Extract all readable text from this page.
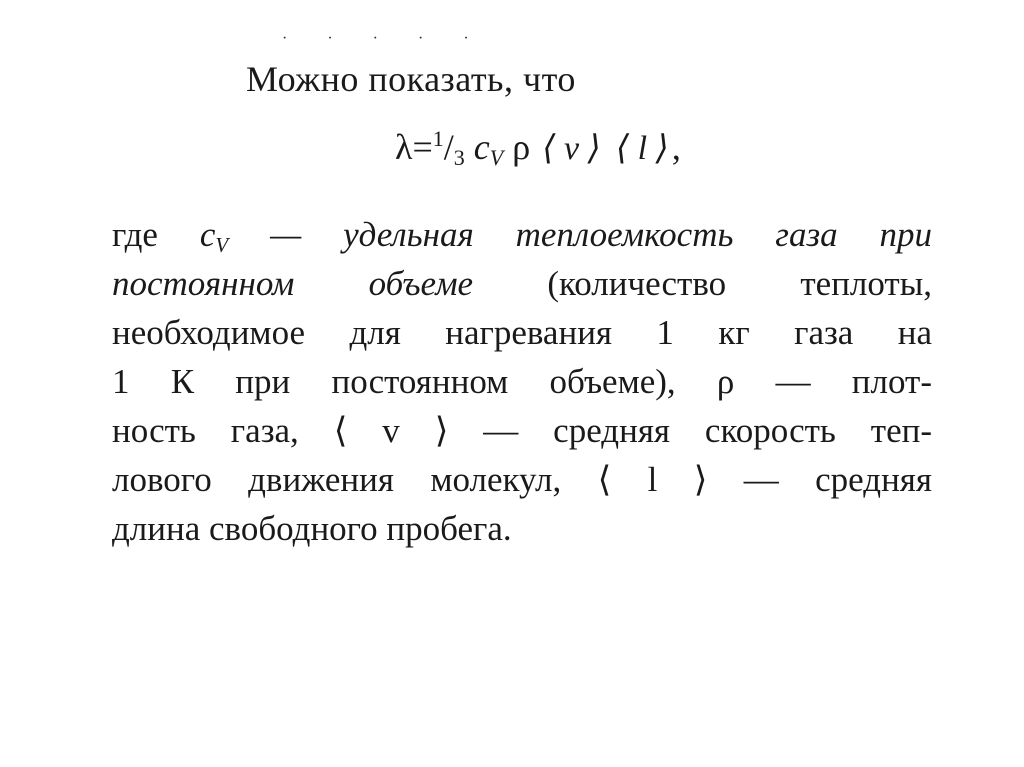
· · · · ·
Можно показать, что
λ=$^1$/3 $c_V$ ρ ⟨ v ⟩ ⟨ l ⟩,
где $c_V$ — удельная теплоемкость газа при
постоянном объеме (количество теплоты,
необходимое для нагревания 1 кг газа на
1 К при постоянном объеме), ρ — плот-
ность газа, ⟨ v ⟩ — средняя скорость теп-
лового движения молекул, ⟨ l ⟩ — средняя
длина свободного пробега.
